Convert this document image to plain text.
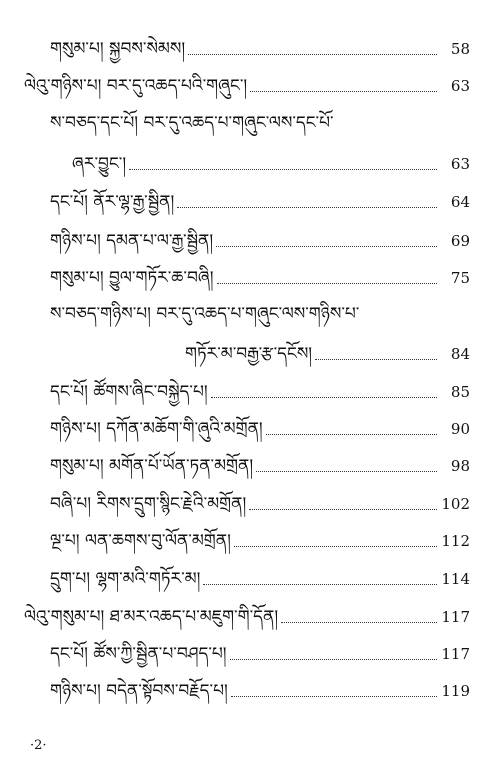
གསུམ་པ། སྐྱབས་སེམས།	58
ལེའུ་གཉིས་པ། བར་དུ་འཆད་པའི་གཞུང་།	63
ས་བཅད་དང་པོ། བར་དུ་འཆད་པ་གཞུང་ལས་དང་པོ་
ཞར་བྱུང་།	63
དང་པོ། ནོར་ལྷ་རྒྱ་སྦྱིན།	64
གཉིས་པ། དམན་པ་ལ་རྒྱ་སྦྱིན།	69
གསུམ་པ། བྱུལ་གཏོར་ཆ་བཞི།	75
ས་བཅད་གཉིས་པ། བར་དུ་འཆད་པ་གཞུང་ལས་གཉིས་པ་
གཏོར་མ་བརྒྱ་རྩ་དངོས།	84
དང་པོ། ཚོགས་ཞིང་བསྐྱེད་པ།	85
གཉིས་པ། དཀོན་མཆོག་གི་ཞུའི་མགྲོན།	90
གསུམ་པ། མགོན་པོ་ཡོན་ཏན་མགྲོན།	98
བཞི་པ། རིགས་དྲུག་སྙིང་རྗེའི་མགྲོན།	102
ལྔ་པ། ལན་ཆགས་བུ་ལོན་མགྲོན།	112
དྲུག་པ། ལྷག་མའི་གཏོར་མ།	114
ལེའུ་གསུམ་པ། ཐ་མར་འཆད་པ་མཇུག་གི་དོན།	117
དང་པོ། ཚོས་ཀྱི་སྦྱིན་པ་བཤད་པ།	117
གཉིས་པ། བདེན་སྟོབས་བརྗོད་པ།	119
·2·
